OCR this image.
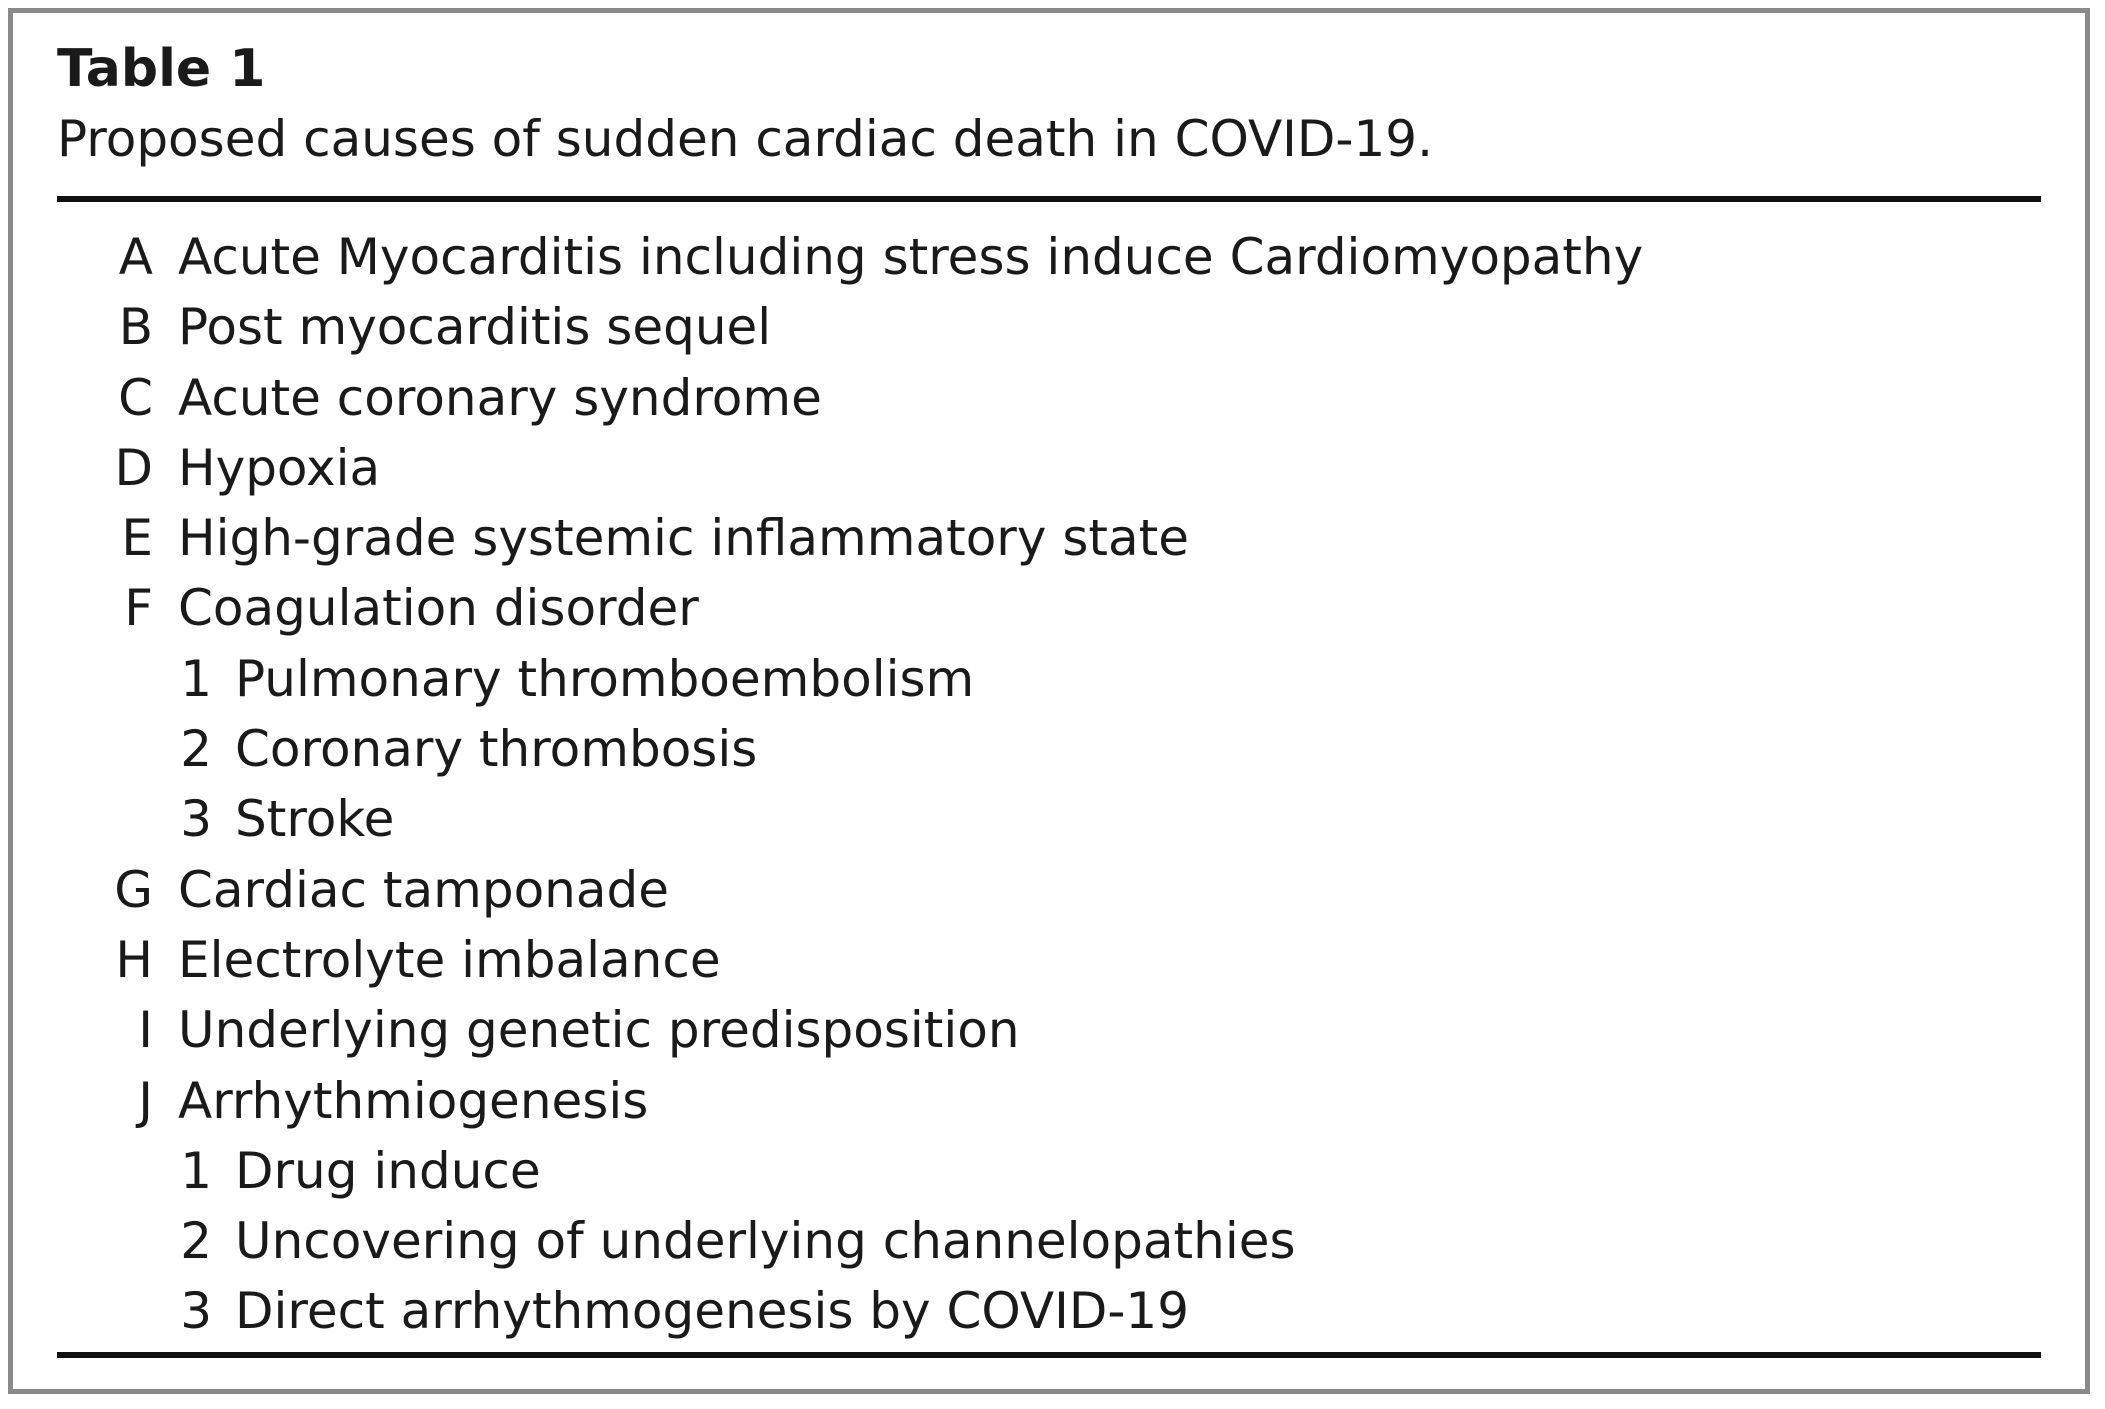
Table 1
Proposed causes of sudden cardiac death in COVID-19.
A Acute Myocarditis including stress induce Cardiomyopathy
B Post myocarditis sequel
C Acute coronary syndrome
D Hypoxia
E High-grade systemic inflammatory state
F Coagulation disorder
1 Pulmonary thromboembolism
2 Coronary thrombosis
3 Stroke
G Cardiac tamponade
H Electrolyte imbalance
I Underlying genetic predisposition
J Arrhythmiogenesis
1 Drug induce
2 Uncovering of underlying channelopathies
3 Direct arrhythmogenesis by COVID-19
